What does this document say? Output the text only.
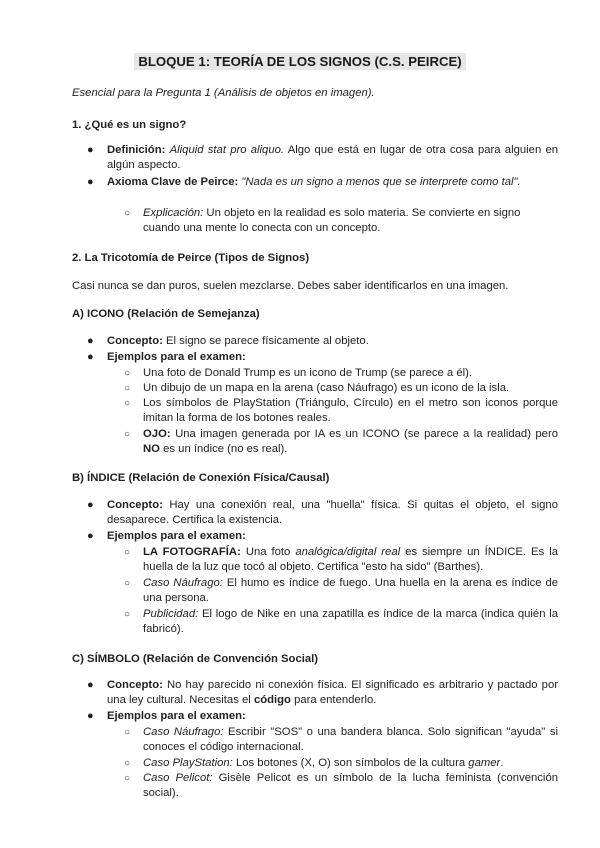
BLOQUE 1: TEORÍA DE LOS SIGNOS (C.S. PEIRCE)
Esencial para la Pregunta 1 (Análisis de objetos en imagen).
1. ¿Qué es un signo?
● Definición: Aliquid stat pro aliquo. Algo que está en lugar de otra cosa para alguien en algún aspecto.
● Axioma Clave de Peirce: "Nada es un signo a menos que se interprete como tal".
○ Explicación: Un objeto en la realidad es solo materia. Se convierte en signo cuando una mente lo conecta con un concepto.
2. La Tricotomía de Peirce (Tipos de Signos)
Casi nunca se dan puros, suelen mezclarse. Debes saber identificarlos en una imagen.
A) ICONO (Relación de Semejanza)
● Concepto: El signo se parece físicamente al objeto.
● Ejemplos para el examen:
○ Una foto de Donald Trump es un icono de Trump (se parece a él).
○ Un dibujo de un mapa en la arena (caso Náufrago) es un icono de la isla.
○ Los símbolos de PlayStation (Triángulo, Círculo) en el metro son iconos porque imitan la forma de los botones reales.
○ OJO: Una imagen generada por IA es un ICONO (se parece a la realidad) pero NO es un índice (no es real).
B) ÍNDICE (Relación de Conexión Física/Causal)
● Concepto: Hay una conexión real, una "huella" física. Si quitas el objeto, el signo desaparece. Certifica la existencia.
● Ejemplos para el examen:
○ LA FOTOGRAFÍA: Una foto analógica/digital real es siempre un ÍNDICE. Es la huella de la luz que tocó al objeto. Certifica "esto ha sido" (Barthes).
○ Caso Náufrago: El humo es índice de fuego. Una huella en la arena es índice de una persona.
○ Publicidad: El logo de Nike en una zapatilla es índice de la marca (indica quién la fabricó).
C) SÍMBOLO (Relación de Convención Social)
● Concepto: No hay parecido ni conexión física. El significado es arbitrario y pactado por una ley cultural. Necesitas el código para entenderlo.
● Ejemplos para el examen:
○ Caso Náufrago: Escribir "SOS" o una bandera blanca. Solo significan "ayuda" si conoces el código internacional.
○ Caso PlayStation: Los botones (X, O) son símbolos de la cultura gamer.
○ Caso Pelicot: Gisèle Pelicot es un símbolo de la lucha feminista (convención social).
